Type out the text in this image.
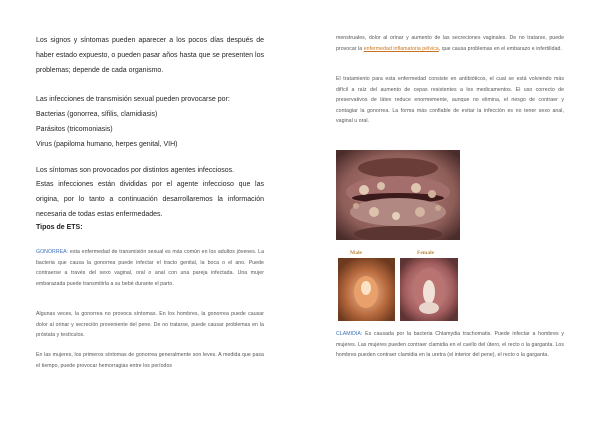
Los signos y síntomas pueden aparecer a los pocos días después de haber estado expuesto, o pueden pasar años hasta que se presenten los problemas; depende de cada organismo.

Las infecciones de transmisión sexual pueden provocarse por:

Bacterias (gonorrea, sífilis, clamidiasis)
Parásitos (tricomoniasis)
Virus (papiloma humano, herpes genital, VIH)

Los síntomas son provocados por distintos agentes infecciosos.

Estas infecciones están divididas por el agente infeccioso que las origina, por lo tanto a continuación desarrollaremos la información necesaria de todas estas enfermedades.

Tipos de ETS:

GONORREA: esta enfermedad de transmisión sexual es más común en los adultos jóvenes. La bacteria que causa la gonorrea puede infectar el tracto genital, la boca o el ano. Puede contraerse a través del sexo vaginal, oral o anal con una pareja infectada. Una mujer embarazada puede transmitirla a su bebé durante el parto.

Algunas veces, la gonorrea no provoca síntomas. En los hombres, la gonorrea puede causar dolor al orinar y secreción proveniente del pene. De no tratarse, puede causar problemas en la próstata y testículos.

En las mujeres, los primeros síntomas de gonorrea generalmente son leves. A medida que pasa el tiempo, puede provocar hemorragias entre los períodos

menstruales, dolor al orinar y aumento de las secreciones vaginales. De no tratarse, puede provocar la enfermedad inflamatoria pélvica, que causa problemas en el embarazo e infertilidad.

El tratamiento para esta enfermedad consiste en antibióticos, el cual se está volviendo más difícil a raíz del aumento de cepas resistentes a los medicamentos. El uso correcto de preservativos de látex reduce enormemente, aunque no elimina, el riesgo de contraer y contagiar la gonorrea. La forma más confiable de evitar la infección es no tener sexo anal, vaginal u oral.

Male	Female

CLAMIDIA: Es causada por la bacteria Chlamydia trachomatis. Puede infectar a hombres y mujeres. Las mujeres pueden contraer clamidia en el cuello del útero, el recto o la garganta. Los hombres pueden contraer clamidia en la uretra (el interior del pene), el recto o la garganta.
